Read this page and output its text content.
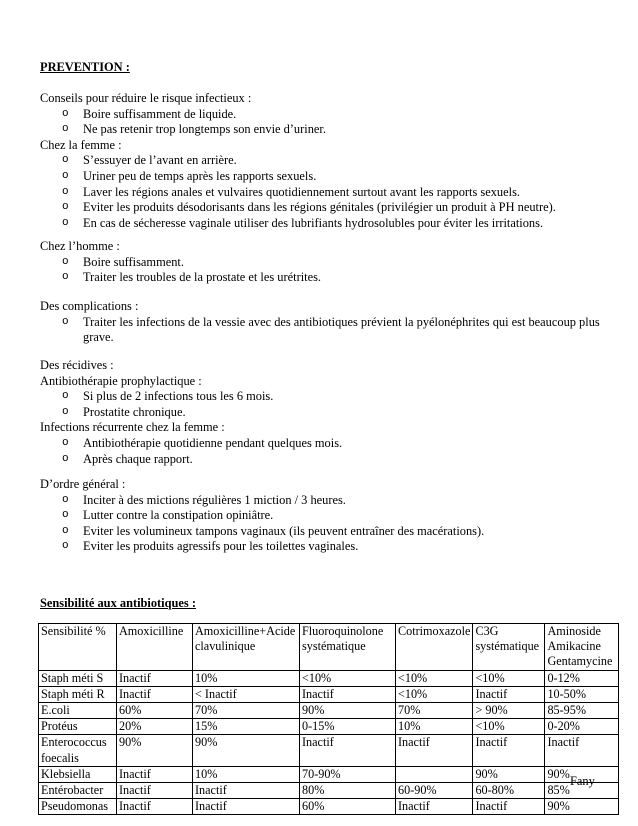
PREVENTION :
Conseils pour réduire le risque infectieux :
o Boire suffisamment de liquide.
o Ne pas retenir trop longtemps son envie d’uriner.
Chez la femme :
o S’essuyer de l’avant en arrière.
o Uriner peu de temps après les rapports sexuels.
o Laver les régions anales et vulvaires quotidiennement surtout avant les rapports sexuels.
o Eviter les produits désodorisants dans les régions génitales (privilégier un produit à PH neutre).
o En cas de sécheresse vaginale utiliser des lubrifiants hydrosolubles pour éviter les irritations.
Chez l’homme :
o Boire suffisamment.
o Traiter les troubles de la prostate et les urétrites.
Des complications :
o Traiter les infections de la vessie avec des antibiotiques prévient la pyélonéphrites qui est beaucoup plus grave.
Des récidives :
Antibiothérapie prophylactique :
o Si plus de 2 infections tous les 6 mois.
o Prostatite chronique.
Infections récurrente chez la femme :
o Antibiothérapie quotidienne pendant quelques mois.
o Après chaque rapport.
D’ordre général :
o Inciter à des mictions régulières 1 miction / 3 heures.
o Lutter contre la constipation opiniâtre.
o Eviter les volumineux tampons vaginaux (ils peuvent entraîner des macérations).
o Eviter les produits agressifs pour les toilettes vaginales.
Sensibilité aux antibiotiques :
Sensibilité %	Amoxicilline	Amoxicilline+Acide clavulinique	Fluoroquinolone systématique	Cotrimoxazole	C3G systématique	Aminoside Amikacine Gentamycine
Staph méti S	Inactif	10%	<10%	<10%	<10%	0-12%
Staph méti R	Inactif	< Inactif	Inactif	<10%	Inactif	10-50%
E.coli	60%	70%	90%	70%	> 90%	85-95%
Protéus	20%	15%	0-15%	10%	<10%	0-20%
Enterococcus foecalis	90%	90%	Inactif	Inactif	Inactif	Inactif
Klebsiella	Inactif	10%	70-90%		90%	90%
Entérobacter	Inactif	Inactif	80%	60-90%	60-80%	85%
Pseudomonas	Inactif	Inactif	60%	Inactif	Inactif	90%
Fany
